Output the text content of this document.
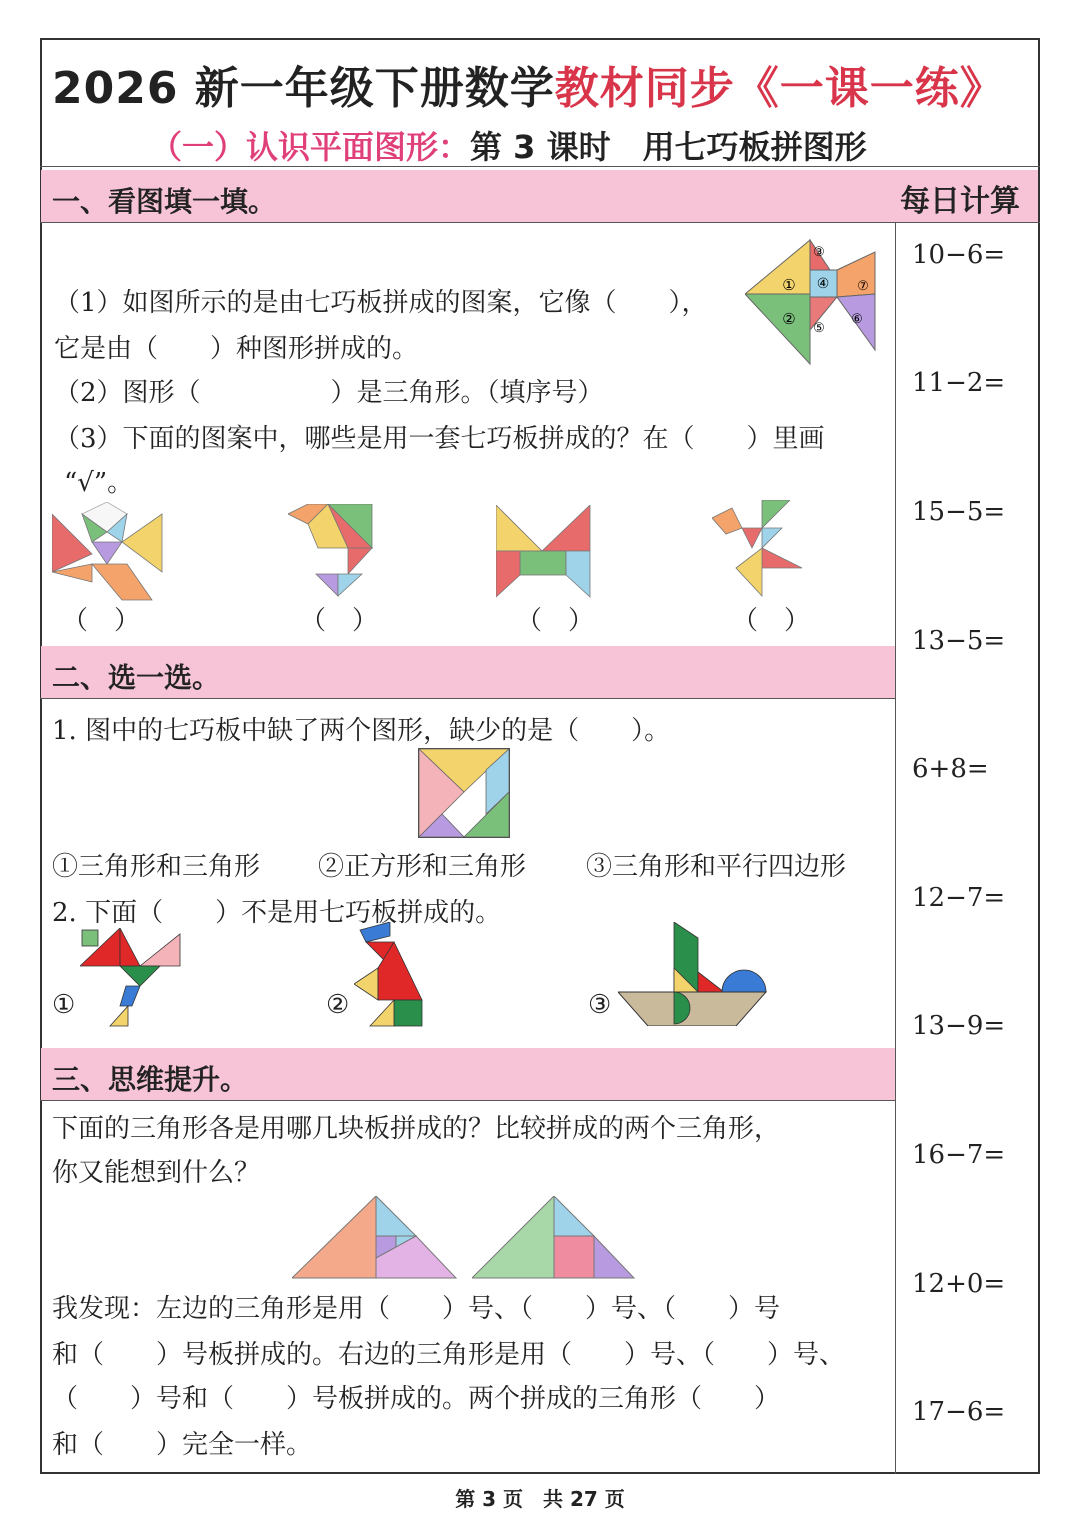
2026 新一年级下册数学教材同步《一课一练》
（一）认识平面图形：第 3 课时　用七巧板拼图形
一、看图填一填。	每日计算
10−6=
11−2=
15−5=
13−5=
6+8=
12−7=
13−9=
16−7=
12+0=
17−6=
（1）如图所示的是由七巧板拼成的图案，它像（　　），
它是由（　　）种图形拼成的。
（2）图形（　　　　　）是三角形。（填序号）
（3）下面的图案中，哪些是用一套七巧板拼成的？在（　　）里画
“√”。
①
②
③
④
⑤
⑥
⑦
（　）	（　）	（　）	（　）
二、选一选。
1. 图中的七巧板中缺了两个图形，缺少的是（　　）。
①三角形和三角形 ②正方形和三角形 ③三角形和平行四边形
2. 下面（　　）不是用七巧板拼成的。
①	②	③
三、思维提升。
下面的三角形各是用哪几块板拼成的？比较拼成的两个三角形，
你又能想到什么？
我发现：左边的三角形是用（　　）号、（　　）号、（　　）号
和（　　）号板拼成的。右边的三角形是用（　　）号、（　　）号、
（　　）号和（　　）号板拼成的。两个拼成的三角形（　　）
和（　　）完全一样。
第 3 页　共 27 页
